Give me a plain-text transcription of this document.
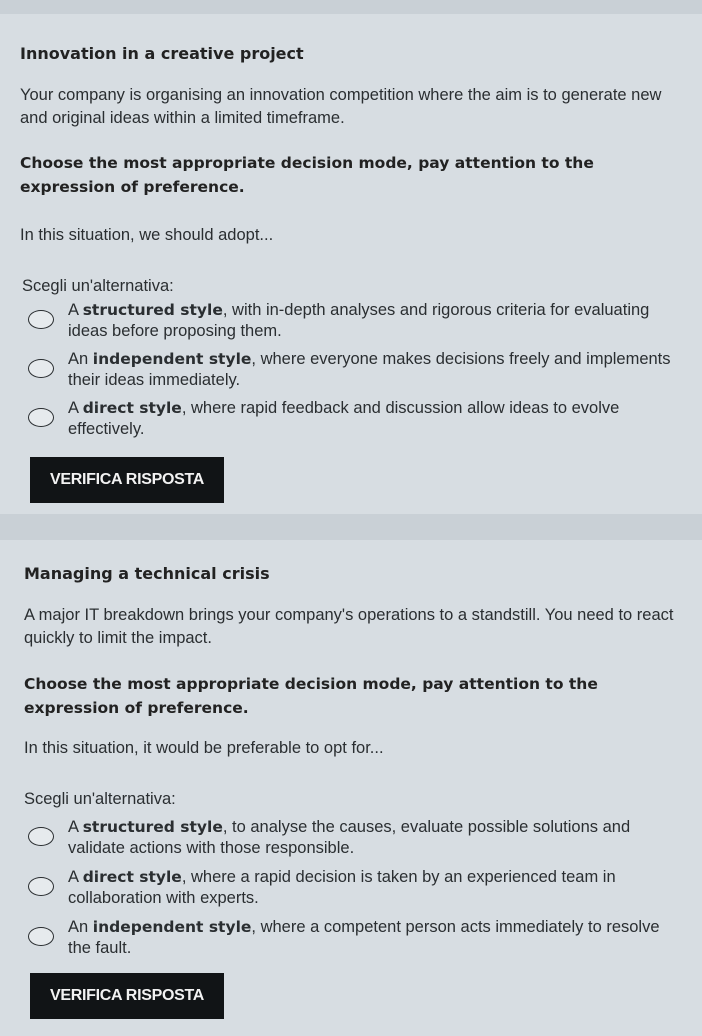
Innovation in a creative project
Your company is organising an innovation competition where the aim is to generate new and original ideas within a limited timeframe.
Choose the most appropriate decision mode, pay attention to the expression of preference.
In this situation, we should adopt...
Scegli un'alternativa:
A structured style, with in-depth analyses and rigorous criteria for evaluating ideas before proposing them.
An independent style, where everyone makes decisions freely and implements their ideas immediately.
A direct style, where rapid feedback and discussion allow ideas to evolve effectively.
VERIFICA RISPOSTA
Managing a technical crisis
A major IT breakdown brings your company's operations to a standstill. You need to react quickly to limit the impact.
Choose the most appropriate decision mode, pay attention to the expression of preference.
In this situation, it would be preferable to opt for...
Scegli un'alternativa:
A structured style, to analyse the causes, evaluate possible solutions and validate actions with those responsible.
A direct style, where a rapid decision is taken by an experienced team in collaboration with experts.
An independent style, where a competent person acts immediately to resolve the fault.
VERIFICA RISPOSTA
